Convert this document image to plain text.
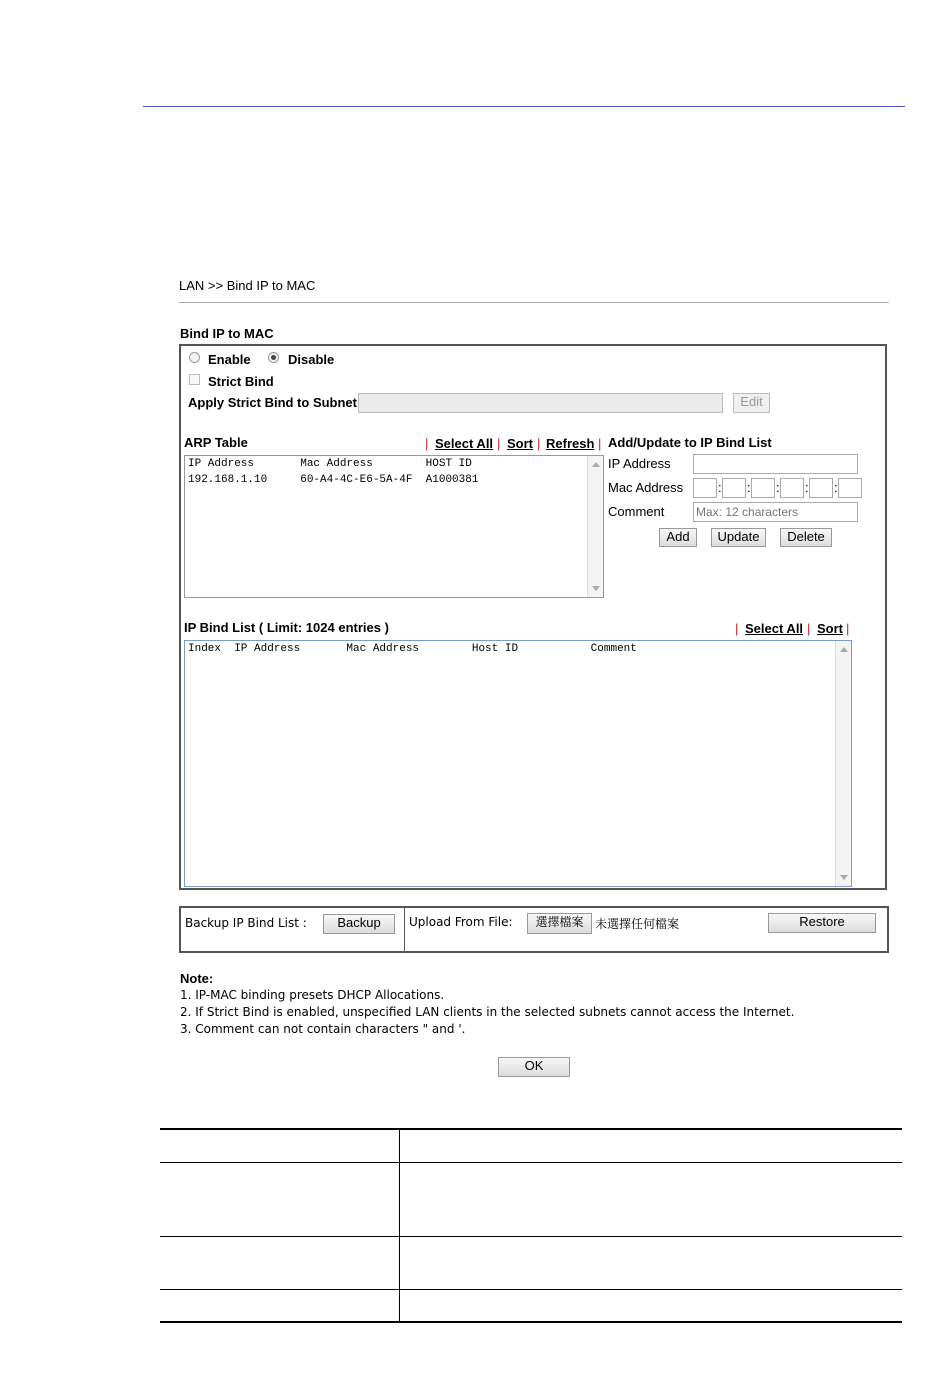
LAN >> Bind IP to MAC
Bind IP to MAC
Enable	Disable
Strict Bind
Apply Strict Bind to Subnet	Edit
ARP Table	| Select All | Sort | Refresh |
IP Address       Mac Address        HOST ID
192.168.1.10     60-A4-4C-E6-5A-4F  A1000381
Add/Update to IP Bind List
IP Address
Mac Address	: : : : :
Comment
Max: 12 characters
Add	Update	Delete
IP Bind List ( Limit: 1024 entries )	| Select All | Sort |
Index  IP Address       Mac Address        Host ID           Comment
Backup IP Bind List :	Backup	Upload From File:	選擇檔案 未選擇任何檔案	Restore
Note:
1. IP-MAC binding presets DHCP Allocations.
2. If Strict Bind is enabled, unspecified LAN clients in the selected subnets cannot access the Internet.
3. Comment can not contain characters " and '.
OK
